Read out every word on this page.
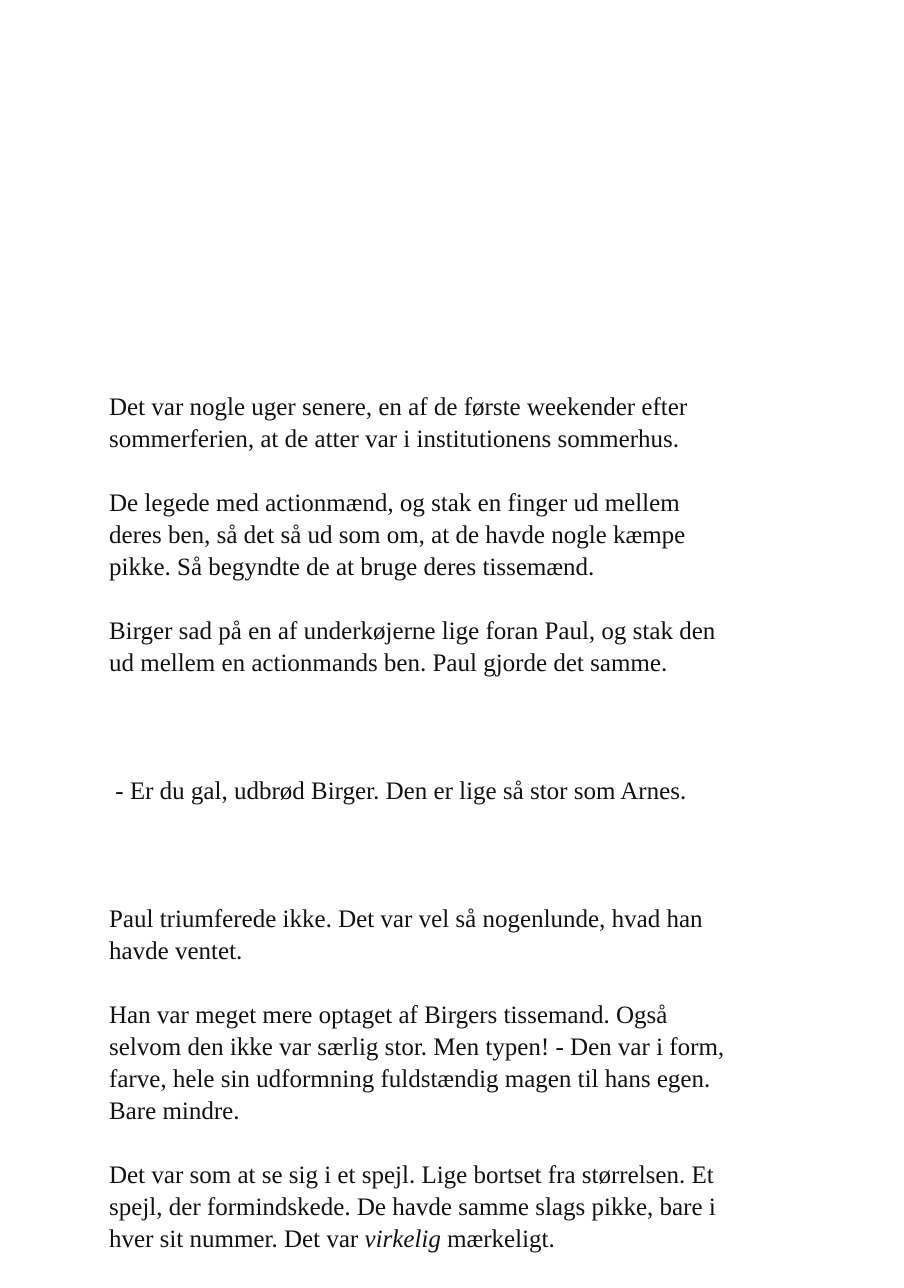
Det var nogle uger senere, en af de første weekender efter
sommerferien, at de atter var i institutionens sommerhus.

De legede med actionmænd, og stak en finger ud mellem
deres ben, så det så ud som om, at de havde nogle kæmpe
pikke. Så begyndte de at bruge deres tissemænd.

Birger sad på en af underkøjerne lige foran Paul, og stak den
ud mellem en actionmands ben. Paul gjorde det samme.

- Er du gal, udbrød Birger. Den er lige så stor som Arnes.

Paul triumferede ikke. Det var vel så nogenlunde, hvad han
havde ventet.

Han var meget mere optaget af Birgers tissemand. Også
selvom den ikke var særlig stor. Men typen! - Den var i form,
farve, hele sin udformning fuldstændig magen til hans egen.
Bare mindre.

Det var som at se sig i et spejl. Lige bortset fra størrelsen. Et
spejl, der formindskede. De havde samme slags pikke, bare i
hver sit nummer. Det var virkelig mærkeligt.
